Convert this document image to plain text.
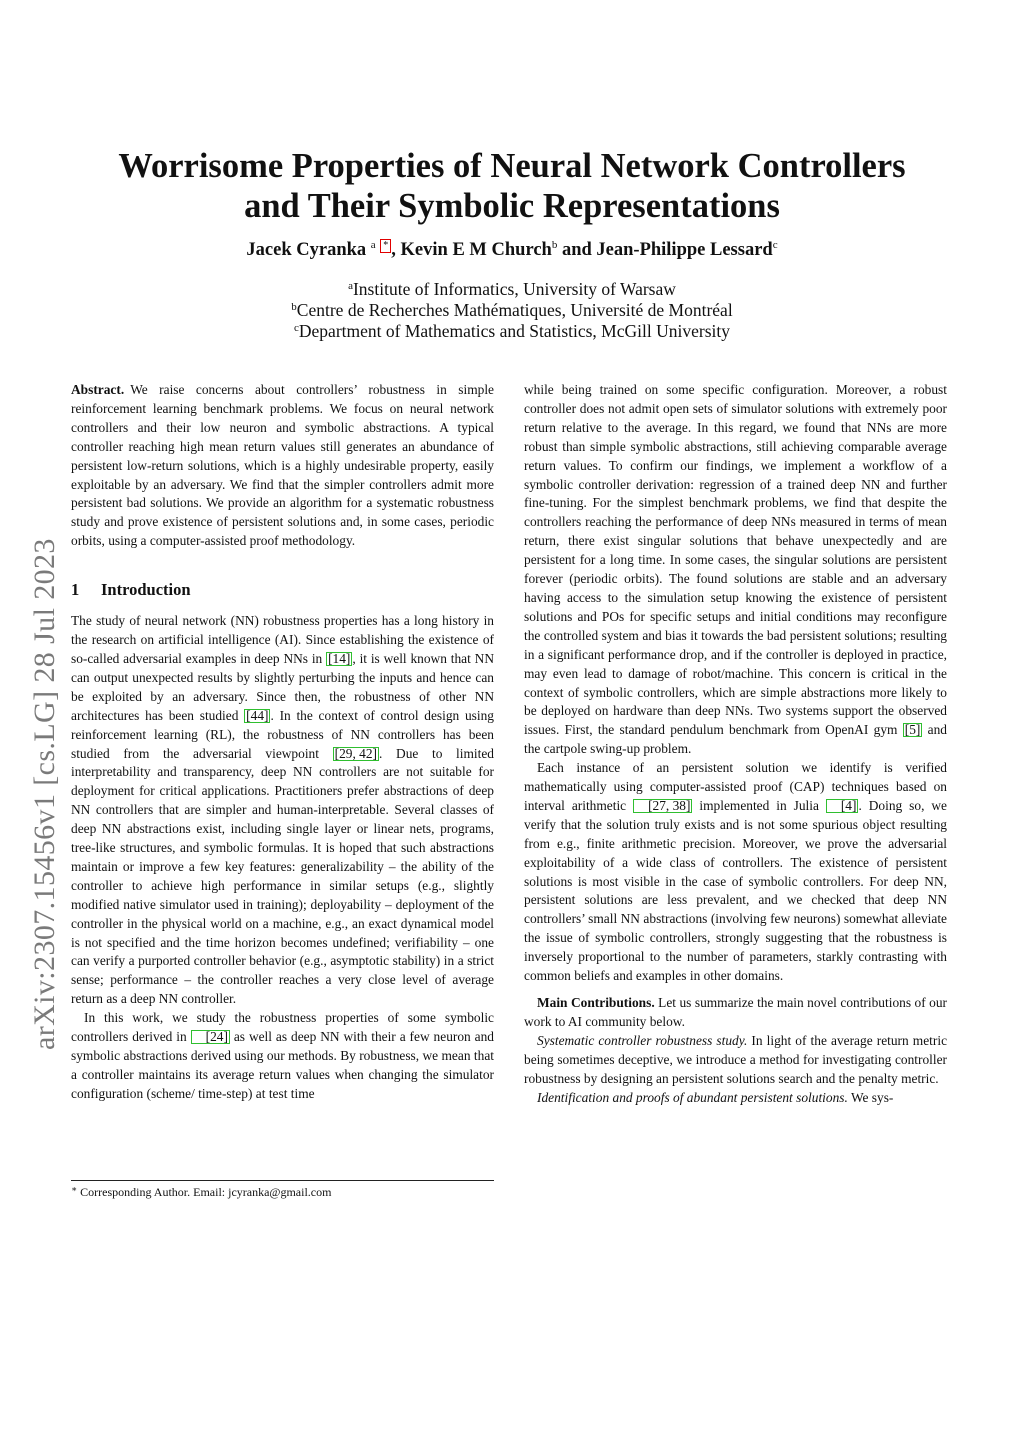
Worrisome Properties of Neural Network Controllers
and Their Symbolic Representations
Jacek Cyranka $^a$ * , Kevin E M Church$^b$ and Jean-Philippe Lessard$^c$
$^a$Institute of Informatics, University of Warsaw
$^b$Centre de Recherches Mathématiques, Université de Montréal
$^c$Department of Mathematics and Statistics, McGill University
arXiv:2307.15456v1 [cs.LG] 28 Jul 2023

Abstract. We raise concerns about controllers’ robustness in simple reinforcement learning benchmark problems. We focus on neural network controllers and their low neuron and symbolic abstractions. A typical controller reaching high mean return values still generates an abundance of persistent low-return solutions, which is a highly undesirable property, easily exploitable by an adversary. We find that the simpler controllers admit more persistent bad solutions. We provide an algorithm for a systematic robustness study and prove existence of persistent solutions and, in some cases, periodic orbits, using a computer-assisted proof methodology.

1 Introduction

The study of neural network (NN) robustness properties has a long history in the research on artificial intelligence (AI). Since establishing the existence of so-called adversarial examples in deep NNs in [14] , it is well known that NN can output unexpected results by slightly perturbing the inputs and hence can be exploited by an adversary. Since then, the robustness of other NN architectures has been studied [44] . In the context of control design using reinforcement learning (RL), the robustness of NN controllers has been studied from the adversarial viewpoint [29, 42] . Due to limited interpretability and transparency, deep NN controllers are not suitable for deployment for critical applications. Practitioners prefer abstractions of deep NN controllers that are simpler and human-interpretable. Several classes of deep NN abstractions exist, including single layer or linear nets, programs, tree-like structures, and symbolic formulas. It is hoped that such abstractions maintain or improve a few key features: generalizability – the ability of the controller to achieve high performance in similar setups (e.g., slightly modified native simulator used in training); deployability – deployment of the controller in the physical world on a machine, e.g., an exact dynamical model is not specified and the time horizon becomes undefined; verifiability – one can verify a purported controller behavior (e.g., asymptotic stability) in a strict sense; performance – the controller reaches a very close level of average return as a deep NN controller.

In this work, we study the robustness properties of some symbolic controllers derived in [24] as well as deep NN with their a few neuron and symbolic abstractions derived using our methods. By robustness, we mean that a controller maintains its average return values when changing the simulator configuration (scheme/ time-step) at test time

while being trained on some specific configuration. Moreover, a robust controller does not admit open sets of simulator solutions with extremely poor return relative to the average. In this regard, we found that NNs are more robust than simple symbolic abstractions, still achieving comparable average return values. To confirm our findings, we implement a workflow of a symbolic controller derivation: regression of a trained deep NN and further fine-tuning. For the simplest benchmark problems, we find that despite the controllers reaching the performance of deep NNs measured in terms of mean return, there exist singular solutions that behave unexpectedly and are persistent for a long time. In some cases, the singular solutions are persistent forever (periodic orbits). The found solutions are stable and an adversary having access to the simulation setup knowing the existence of persistent solutions and POs for specific setups and initial conditions may reconfigure the controlled system and bias it towards the bad persistent solutions; resulting in a significant performance drop, and if the controller is deployed in practice, may even lead to damage of robot/machine. This concern is critical in the context of symbolic controllers, which are simple abstractions more likely to be deployed on hardware than deep NNs. Two systems support the observed issues. First, the standard pendulum benchmark from OpenAI gym [5] and the cartpole swing-up problem.

Each instance of an persistent solution we identify is verified mathematically using computer-assisted proof (CAP) techniques based on interval arithmetic [27, 38] implemented in Julia [4] . Doing so, we verify that the solution truly exists and is not some spurious object resulting from e.g., finite arithmetic precision. Moreover, we prove the adversarial exploitability of a wide class of controllers. The existence of persistent solutions is most visible in the case of symbolic controllers. For deep NN, persistent solutions are less prevalent, and we checked that deep NN controllers’ small NN abstractions (involving few neurons) somewhat alleviate the issue of symbolic controllers, strongly suggesting that the robustness is inversely proportional to the number of parameters, starkly contrasting with common beliefs and examples in other domains.

Main Contributions. Let us summarize the main novel contributions of our work to AI community below.

Systematic controller robustness study. In light of the average return metric being sometimes deceptive, we introduce a method for investigating controller robustness by designing an persistent solutions search and the penalty metric.

Identification and proofs of abundant persistent solutions. We sys-

∗ Corresponding Author. Email: jcyranka@gmail.com
